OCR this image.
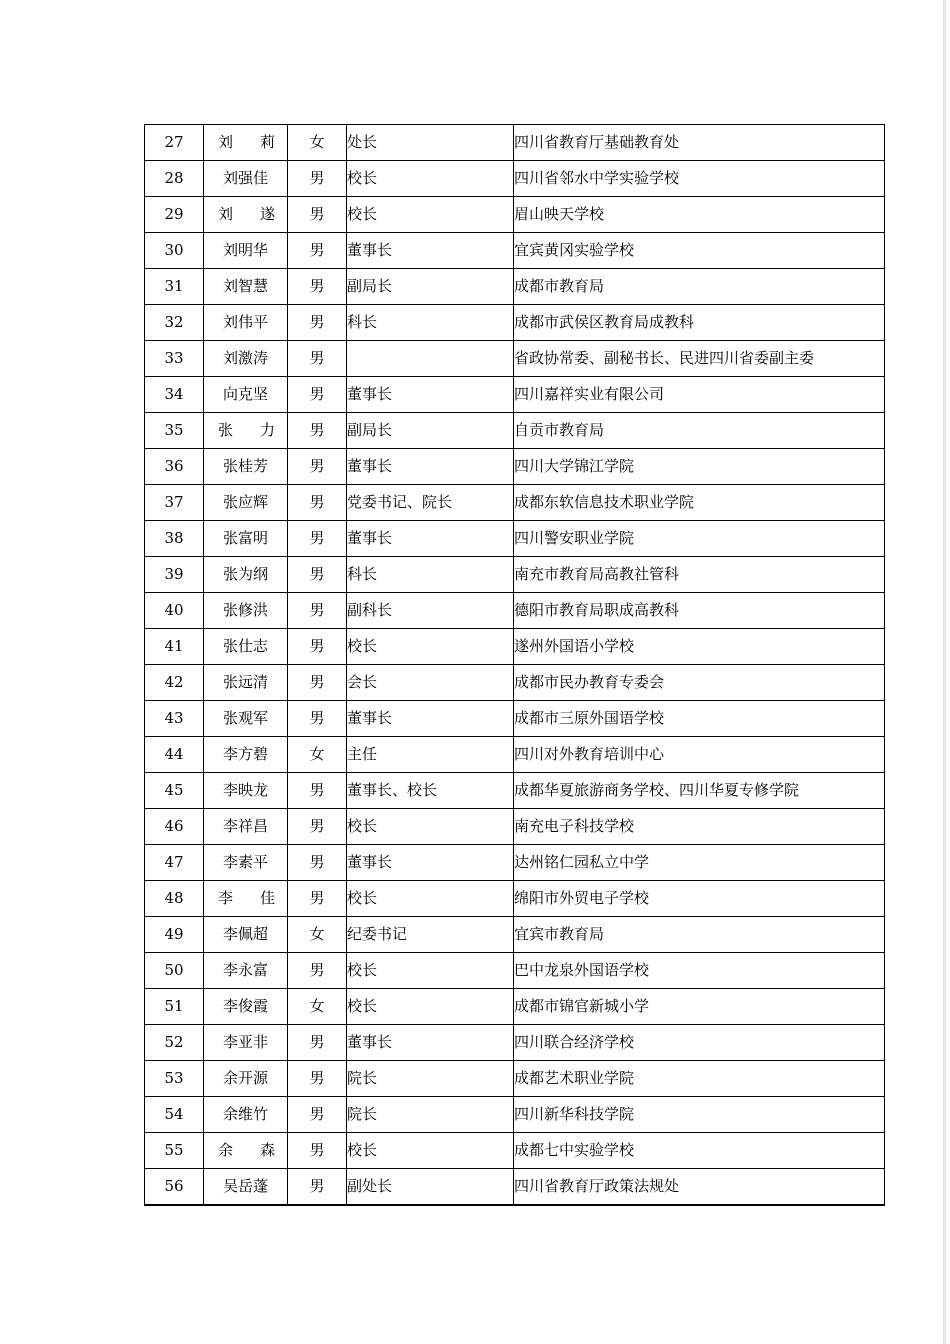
27	刘　莉	女	处长	四川省教育厅基础教育处
28	刘强佳	男	校长	四川省邻水中学实验学校
29	刘　遂	男	校长	眉山映天学校
30	刘明华	男	董事长	宜宾黄冈实验学校
31	刘智慧	男	副局长	成都市教育局
32	刘伟平	男	科长	成都市武侯区教育局成教科
33	刘激涛	男		省政协常委、副秘书长、民进四川省委副主委
34	向克坚	男	董事长	四川嘉祥实业有限公司
35	张　力	男	副局长	自贡市教育局
36	张桂芳	男	董事长	四川大学锦江学院
37	张应辉	男	党委书记、院长	成都东软信息技术职业学院
38	张富明	男	董事长	四川警安职业学院
39	张为纲	男	科长	南充市教育局高教社管科
40	张修洪	男	副科长	德阳市教育局职成高教科
41	张仕志	男	校长	遂州外国语小学校
42	张远清	男	会长	成都市民办教育专委会
43	张观军	男	董事长	成都市三原外国语学校
44	李方碧	女	主任	四川对外教育培训中心
45	李映龙	男	董事长、校长	成都华夏旅游商务学校、四川华夏专修学院
46	李祥昌	男	校长	南充电子科技学校
47	李素平	男	董事长	达州铭仁园私立中学
48	李　佳	男	校长	绵阳市外贸电子学校
49	李佩超	女	纪委书记	宜宾市教育局
50	李永富	男	校长	巴中龙泉外国语学校
51	李俊霞	女	校长	成都市锦官新城小学
52	李亚非	男	董事长	四川联合经济学校
53	余开源	男	院长	成都艺术职业学院
54	余维竹	男	院长	四川新华科技学院
55	余　森	男	校长	成都七中实验学校
56	吴岳蓬	男	副处长	四川省教育厅政策法规处
